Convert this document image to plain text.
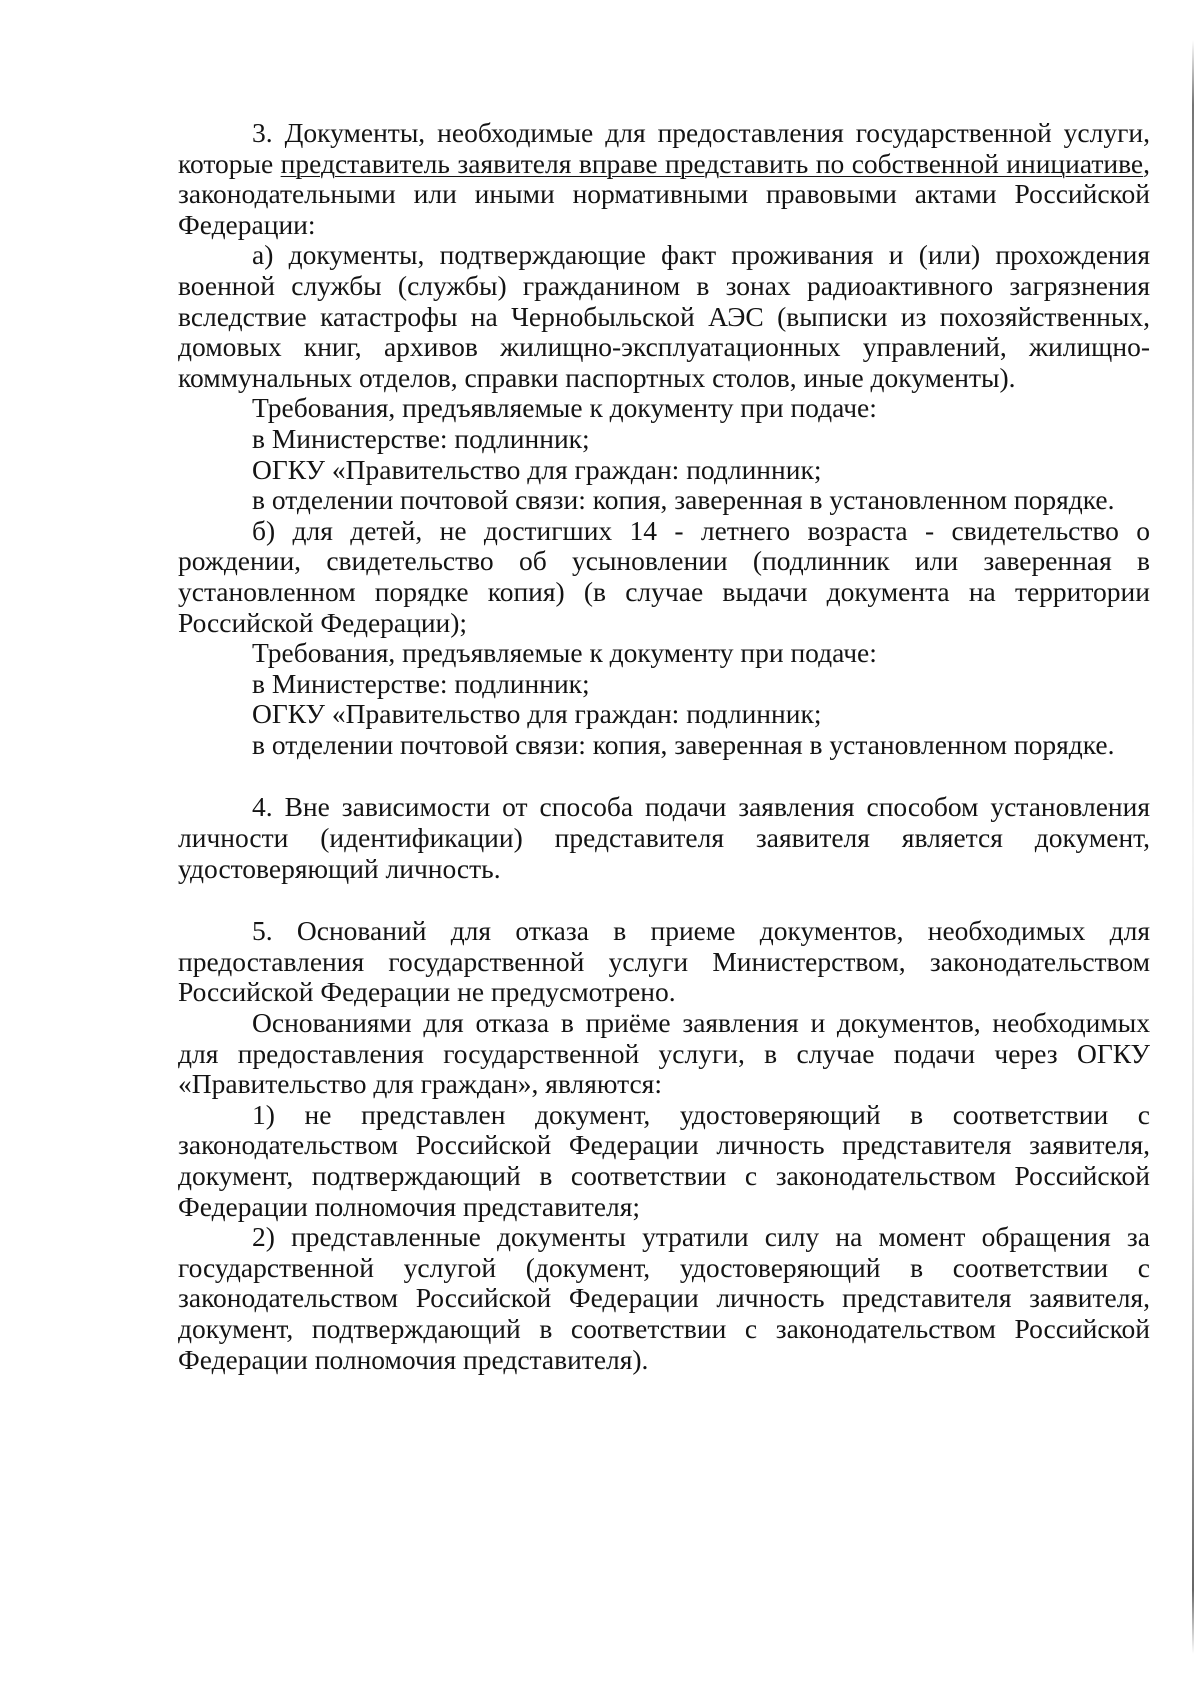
3. Документы, необходимые для предоставления государственной услуги, которые представитель заявителя вправе представить по собственной инициативе, законодательными или иными нормативными правовыми актами Российской Федерации:

а) документы, подтверждающие факт проживания и (или) прохождения военной службы (службы) гражданином в зонах радиоактивного загрязнения вследствие катастрофы на Чернобыльской АЭС (выписки из похозяйственных, домовых книг, архивов жилищно-эксплуатационных управлений, жилищно-коммунальных отделов, справки паспортных столов, иные документы).

Требования, предъявляемые к документу при подаче:

в Министерстве: подлинник;

ОГКУ «Правительство для граждан: подлинник;

в отделении почтовой связи: копия, заверенная в установленном порядке.

б) для детей, не достигших 14 - летнего возраста - свидетельство о рождении, свидетельство об усыновлении (подлинник или заверенная в установленном порядке копия) (в случае выдачи документа на территории Российской Федерации);

Требования, предъявляемые к документу при подаче:

в Министерстве: подлинник;

ОГКУ «Правительство для граждан: подлинник;

в отделении почтовой связи: копия, заверенная в установленном порядке.

4. Вне зависимости от способа подачи заявления способом установления личности (идентификации) представителя заявителя является документ, удостоверяющий личность.

5. Оснований для отказа в приеме документов, необходимых для предоставления государственной услуги Министерством, законодательством Российской Федерации не предусмотрено.

Основаниями для отказа в приёме заявления и документов, необходимых для предоставления государственной услуги, в случае подачи через ОГКУ «Правительство для граждан», являются:

1) не представлен документ, удостоверяющий в соответствии с законодательством Российской Федерации личность представителя заявителя, документ, подтверждающий в соответствии с законодательством Российской Федерации полномочия представителя;

2) представленные документы утратили силу на момент обращения за государственной услугой (документ, удостоверяющий в соответствии с законодательством Российской Федерации личность представителя заявителя, документ, подтверждающий в соответствии с законодательством Российской Федерации полномочия представителя).
